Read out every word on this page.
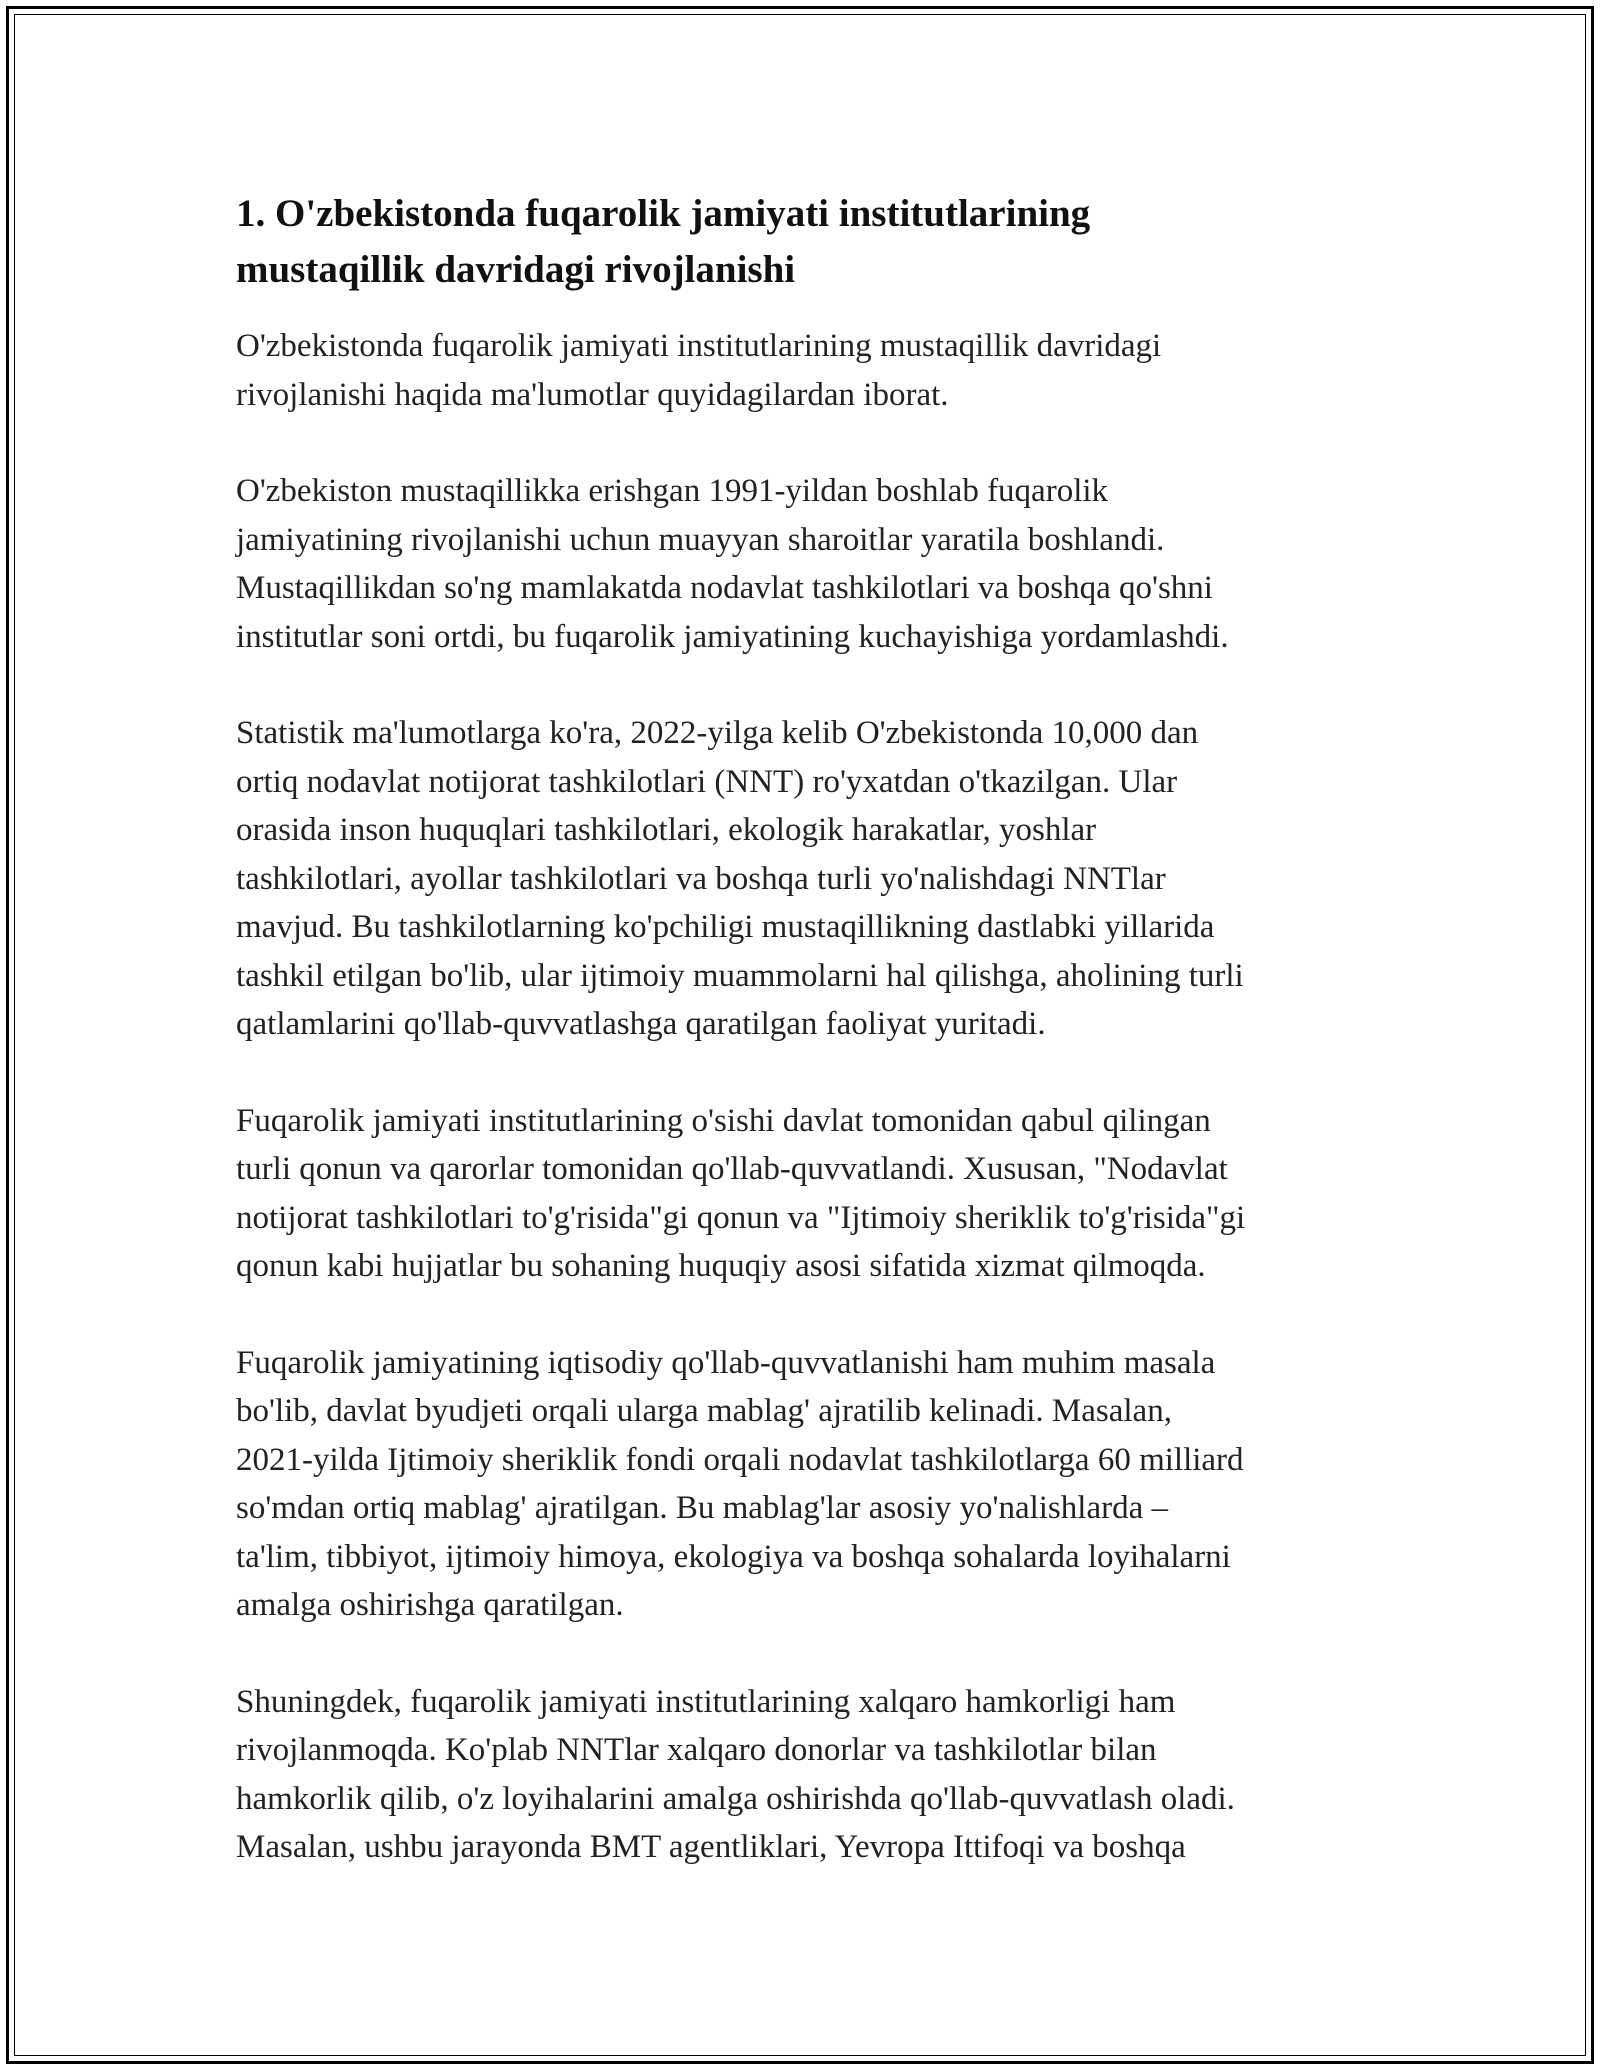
1. O'zbekistonda fuqarolik jamiyati institutlarining
mustaqillik davridagi rivojlanishi

O'zbekistonda fuqarolik jamiyati institutlarining mustaqillik davridagi
rivojlanishi haqida ma'lumotlar quyidagilardan iborat.

O'zbekiston mustaqillikka erishgan 1991-yildan boshlab fuqarolik
jamiyatining rivojlanishi uchun muayyan sharoitlar yaratila boshlandi.
Mustaqillikdan so'ng mamlakatda nodavlat tashkilotlari va boshqa qo'shni
institutlar soni ortdi, bu fuqarolik jamiyatining kuchayishiga yordamlashdi.

Statistik ma'lumotlarga ko'ra, 2022-yilga kelib O'zbekistonda 10,000 dan
ortiq nodavlat notijorat tashkilotlari (NNT) ro'yxatdan o'tkazilgan. Ular
orasida inson huquqlari tashkilotlari, ekologik harakatlar, yoshlar
tashkilotlari, ayollar tashkilotlari va boshqa turli yo'nalishdagi NNTlar
mavjud. Bu tashkilotlarning ko'pchiligi mustaqillikning dastlabki yillarida
tashkil etilgan bo'lib, ular ijtimoiy muammolarni hal qilishga, aholining turli
qatlamlarini qo'llab-quvvatlashga qaratilgan faoliyat yuritadi.

Fuqarolik jamiyati institutlarining o'sishi davlat tomonidan qabul qilingan
turli qonun va qarorlar tomonidan qo'llab-quvvatlandi. Xususan, "Nodavlat
notijorat tashkilotlari to'g'risida"gi qonun va "Ijtimoiy sheriklik to'g'risida"gi
qonun kabi hujjatlar bu sohaning huquqiy asosi sifatida xizmat qilmoqda.

Fuqarolik jamiyatining iqtisodiy qo'llab-quvvatlanishi ham muhim masala
bo'lib, davlat byudjeti orqali ularga mablag' ajratilib kelinadi. Masalan,
2021-yilda Ijtimoiy sheriklik fondi orqali nodavlat tashkilotlarga 60 milliard
so'mdan ortiq mablag' ajratilgan. Bu mablag'lar asosiy yo'nalishlarda –
ta'lim, tibbiyot, ijtimoiy himoya, ekologiya va boshqa sohalarda loyihalarni
amalga oshirishga qaratilgan.

Shuningdek, fuqarolik jamiyati institutlarining xalqaro hamkorligi ham
rivojlanmoqda. Ko'plab NNTlar xalqaro donorlar va tashkilotlar bilan
hamkorlik qilib, o'z loyihalarini amalga oshirishda qo'llab-quvvatlash oladi.
Masalan, ushbu jarayonda BMT agentliklari, Yevropa Ittifoqi va boshqa
